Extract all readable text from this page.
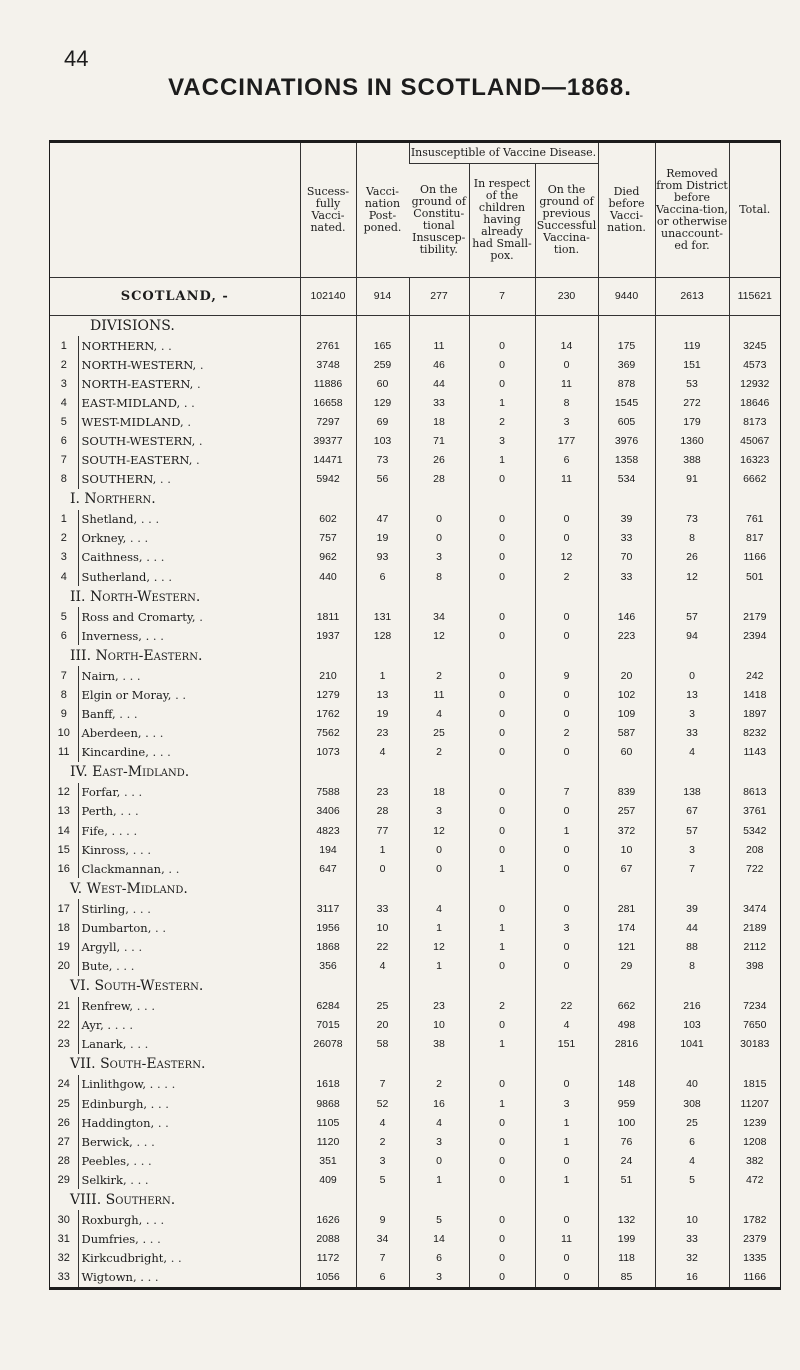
44
VACCINATIONS IN SCOTLAND—1868.
		Sucess-fully Vacci-nated.	Vacci-nation Post-poned.	Insusceptible of Vaccine Disease.			Died before Vacci-nation.	Removed from District before Vaccina-tion, or otherwise unaccount-ed for.	Total.
				On the ground of Constitu-tional Insuscep-tibility.	In respect of the children having already had Small-pox.	On the ground of previous Successful Vaccina-tion.			
SCOTLAND, -		102140	914	277	7	230	9440	2613	115621
DIVISIONS.									
1	NORTHERN, . .	2761	165	11	0	14	175	119	3245
2	NORTH-WESTERN, .	3748	259	46	0	0	369	151	4573
3	NORTH-EASTERN, .	11886	60	44	0	11	878	53	12932
4	EAST-MIDLAND, . .	16658	129	33	1	8	1545	272	18646
5	WEST-MIDLAND, .	7297	69	18	2	3	605	179	8173
6	SOUTH-WESTERN, .	39377	103	71	3	177	3976	1360	45067
7	SOUTH-EASTERN, .	14471	73	26	1	6	1358	388	16323
8	SOUTHERN, . .	5942	56	28	0	11	534	91	6662
I. Northern.									
1	Shetland, . . .	602	47	0	0	0	39	73	761
2	Orkney, . . .	757	19	0	0	0	33	8	817
3	Caithness, . . .	962	93	3	0	12	70	26	1166
4	Sutherland, . . .	440	6	8	0	2	33	12	501
II. North-Western.									
5	Ross and Cromarty, .	1811	131	34	0	0	146	57	2179
6	Inverness, . . .	1937	128	12	0	0	223	94	2394
III. North-Eastern.									
7	Nairn, . . .	210	1	2	0	9	20	0	242
8	Elgin or Moray, . .	1279	13	11	0	0	102	13	1418
9	Banff, . . .	1762	19	4	0	0	109	3	1897
10	Aberdeen, . . .	7562	23	25	0	2	587	33	8232
11	Kincardine, . . .	1073	4	2	0	0	60	4	1143
IV. East-Midland.									
12	Forfar, . . .	7588	23	18	0	7	839	138	8613
13	Perth, . . .	3406	28	3	0	0	257	67	3761
14	Fife, . . . .	4823	77	12	0	1	372	57	5342
15	Kinross, . . .	194	1	0	0	0	10	3	208
16	Clackmannan, . .	647	0	0	1	0	67	7	722
V. West-Midland.									
17	Stirling, . . .	3117	33	4	0	0	281	39	3474
18	Dumbarton, . .	1956	10	1	1	3	174	44	2189
19	Argyll, . . .	1868	22	12	1	0	121	88	2112
20	Bute, . . .	356	4	1	0	0	29	8	398
VI. South-Western.									
21	Renfrew, . . .	6284	25	23	2	22	662	216	7234
22	Ayr, . . . .	7015	20	10	0	4	498	103	7650
23	Lanark, . . .	26078	58	38	1	151	2816	1041	30183
VII. South-Eastern.									
24	Linlithgow, . . . .	1618	7	2	0	0	148	40	1815
25	Edinburgh, . . .	9868	52	16	1	3	959	308	11207
26	Haddington, . .	1105	4	4	0	1	100	25	1239
27	Berwick, . . .	1120	2	3	0	1	76	6	1208
28	Peebles, . . .	351	3	0	0	0	24	4	382
29	Selkirk, . . .	409	5	1	0	1	51	5	472
VIII. Southern.									
30	Roxburgh, . . .	1626	9	5	0	0	132	10	1782
31	Dumfries, . . .	2088	34	14	0	11	199	33	2379
32	Kirkcudbright, . .	1172	7	6	0	0	118	32	1335
33	Wigtown, . . .	1056	6	3	0	0	85	16	1166
